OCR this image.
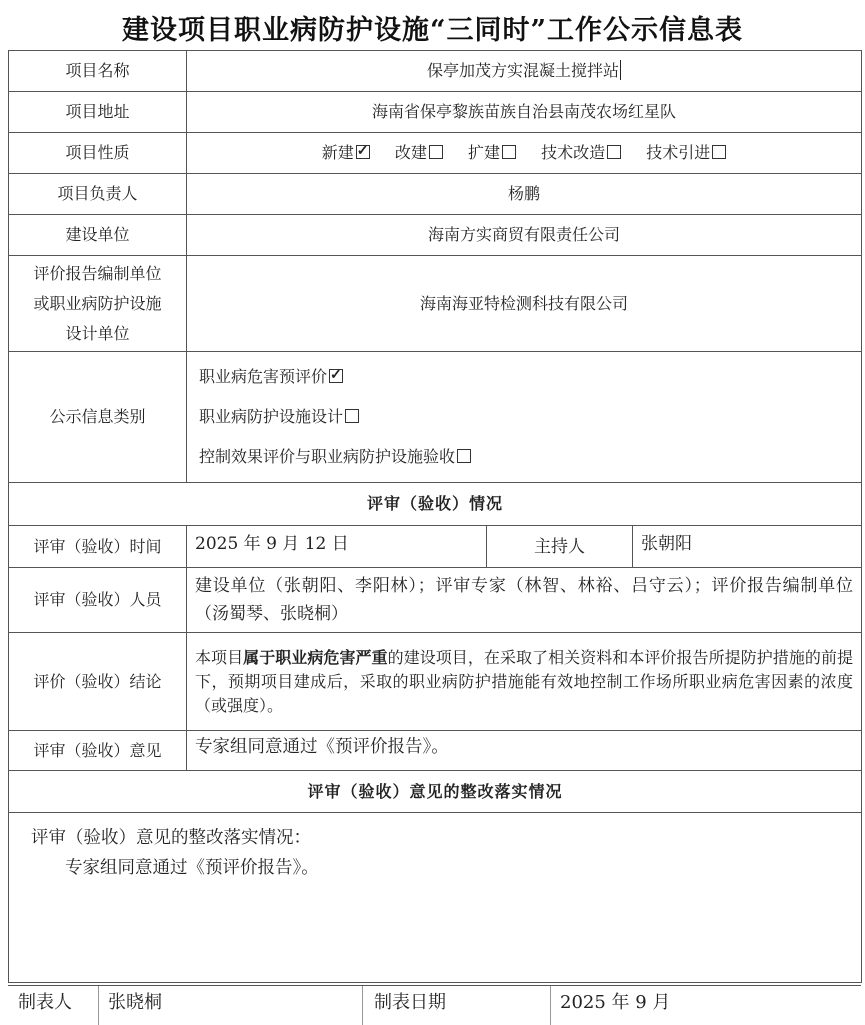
建设项目职业病防护设施“三同时”工作公示信息表
项目名称	保亭加茂方实混凝土搅拌站		
项目地址	海南省保亭黎族苗族自治县南茂农场红星队		
项目性质	新建 ✓ 改建 扩建 技术改造 技术引进
项目负责人	杨鹏		
建设单位	海南方实商贸有限责任公司		

评价报告编制单位
或职业病防护设施
设计单位	海南海亚特检测科技有限公司		
公示信息类别	职业病危害预评价✓
职业病防护设施设计
控制效果评价与职业病防护设施验收

评审（验收）情况			
评审（验收）时间	2025 年 9 月 12 日	主持人	张朝阳
评审（验收）人员	建设单位（张朝阳、李阳林）；评审专家（林智、林裕、吕守云）；评价报告编制单位（汤蜀琴、张晓桐）		
评价（验收）结论	本项目属于职业病危害严重的建设项目，在采取了相关资料和本评价报告所提防护措施的前提下，预期项目建成后，采取的职业病防护措施能有效地控制工作场所职业病危害因素的浓度（或强度）。		
评审（验收）意见	专家组同意通过《预评价报告》。		
评审（验收）意见的整改落实情况			

评审（验收）意见的整改落实情况：
专家组同意通过《预评价报告》。			
制表人 张晓桐	制表日期	2025 年 9 月
